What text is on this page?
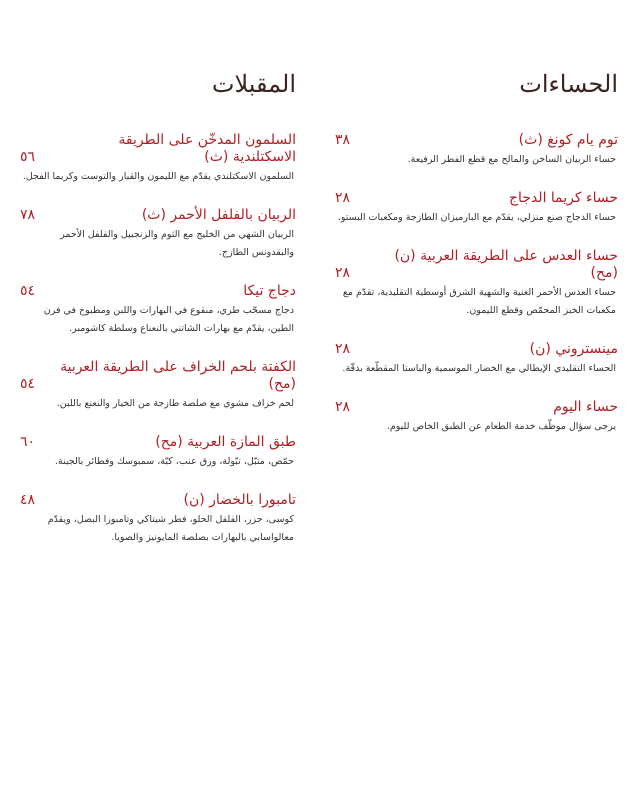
الحساءات
توم يام كونغ (ث)
٣٨
حساء الربيان الساخن والمالح مع قطع الفطر الرفيعة.
حساء كريما الدجاج
٢٨
حساء الدجاج صنع منزلي، يقدّم مع البارميزان الطازجة ومكعبات البستو.
حساء العدس على الطريقة العربية (ن) (مح)
٢٨
حساء العدس الأحمر الغنية والشهية الشرق أوسطية التقليدية، تقدّم مع مكعبات الخبز المحمّص وقطع الليمون.
مينستروني (ن)
٢٨
الحساء التقليدي الإيطالي مع الخضار الموسمية والباستا المقطّعة بدقّة.
حساء اليوم
٢٨
يرجى سؤال موظّف خدمة الطعام عن الطبق الخاص لليوم.
المقبلات
السلمون المدخّن على الطريقة الاسكتلندية (ث)
٥٦
السلمون الاسكتلندي يقدّم مع الليمون والقبار والتوست وكريما الفجل.
الربيان بالفلفل الأحمر (ث)
٧٨
الربيان الشهي من الخليج مع الثوم والزنجبيل والفلفل الأحمر والبقدونس الطازج.
دجاج تيكا
٥٤
دجاج مسحّب طري، منقوع في البهارات واللبن ومطبوخ في فرن الطين، يقدّم مع بهارات الشاتني بالنعناع وسلطة كاشومبر.
الكفتة بلحم الخراف على الطريقة العربية (مح)
٥٤
لحم خراف مشوي مع صلصة طازجة من الخيار والنعنع باللبن.
طبق المازة العربية (مح)
٦٠
حمّص، متبّل، تبّولة، ورق عنب، كبّة، سمبوسك وفطائر بالجبنة.
تامبورا بالخضار (ن)
٤٨
كوسى، جزر، الفلفل الحلو، فطر شيتاكي وتامبورا البصل، ويقدّم معالواسابي بالبهارات بصلصة المايونيز والصويا.
